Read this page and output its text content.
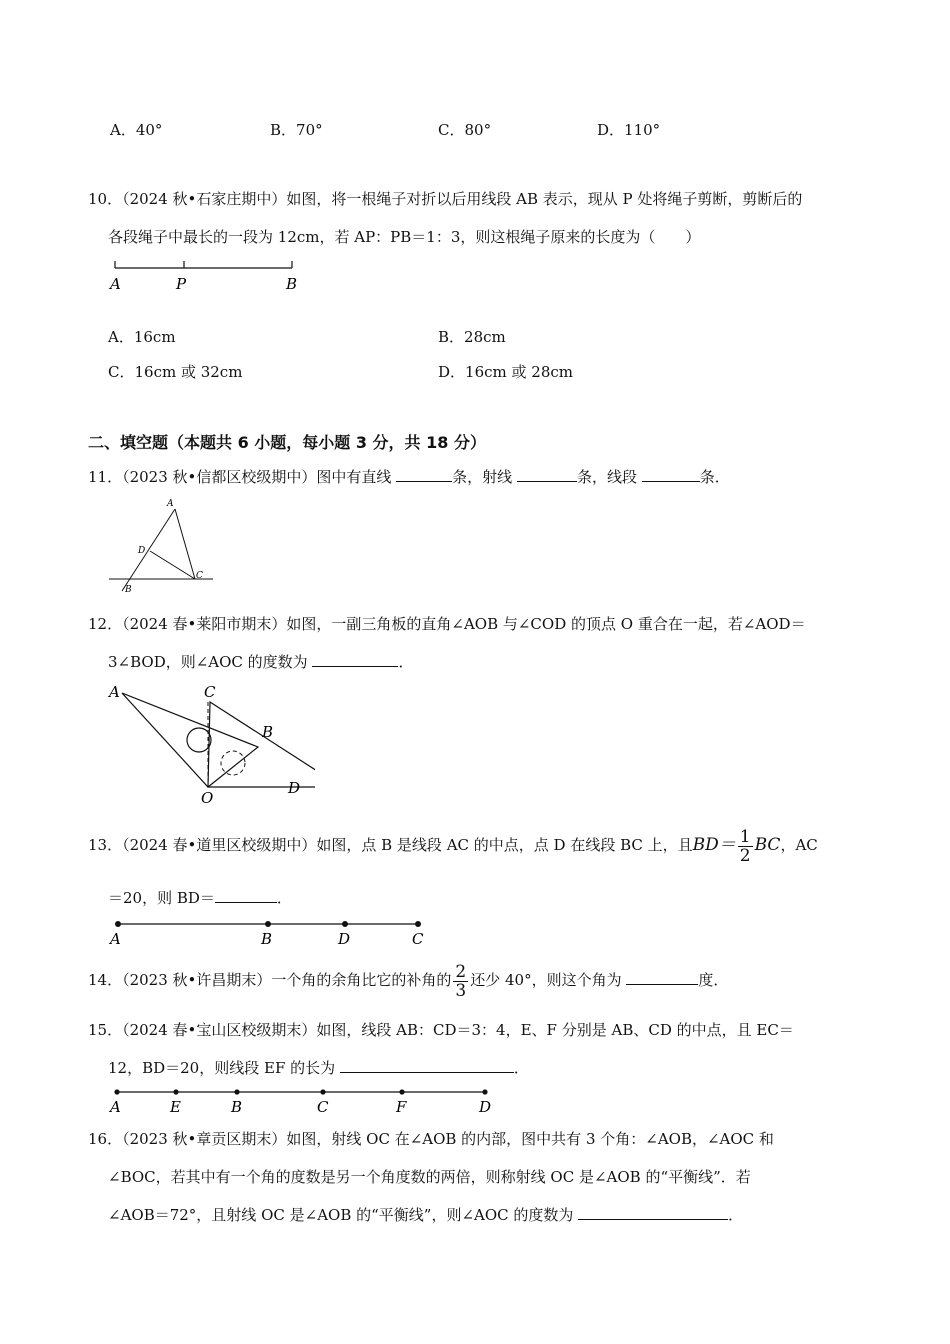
A．40°	B．70°	C．80°	D．110°
10．（2024 秋•石家庄期中）如图，将一根绳子对折以后用线段 AB 表示，现从 P 处将绳子剪断，剪断后的
各段绳子中最长的一段为 12cm，若 AP：PB＝1：3，则这根绳子原来的长度为（　　）
A	P	B
A．16cm	B．28cm
C．16cm 或 32cm	D．16cm 或 28cm
二、填空题（本题共 6 小题，每小题 3 分，共 18 分）
11．（2023 秋•信都区校级期中）图中有直线	条，射线	条，线段	条．
A
D
C
B
12．（2024 春•莱阳市期末）如图，一副三角板的直角∠AOB 与∠COD 的顶点 O 重合在一起，若∠AOD＝
3∠BOD，则∠AOC 的度数为	．
A	C
B
O
D
13．（2024 春•道里区校级期中）如图，点 B 是线段 AC 的中点，点 D 在线段 BC 上，且$BD= \frac{1}{2}$ BC，AC
＝20，则 BD＝	．
A	B	D	C
14．（2023 秋•许昌期末）一个角的余角比它的补角的 $\frac{2}{3}$ 还少 40°，则这个角为	度．
15．（2024 春•宝山区校级期末）如图，线段 AB：CD＝3：4，E、F 分别是 AB、CD 的中点，且 EC＝
12，BD＝20，则线段 EF 的长为	．
A	E	B	C	F	D
16．（2023 秋•章贡区期末）如图，射线 OC 在∠AOB 的内部，图中共有 3 个角：∠AOB，∠AOC 和
∠BOC，若其中有一个角的度数是另一个角度数的两倍，则称射线 OC 是∠AOB 的“平衡线”．若
∠AOB＝72°，且射线 OC 是∠AOB 的“平衡线”，则∠AOC 的度数为	．
